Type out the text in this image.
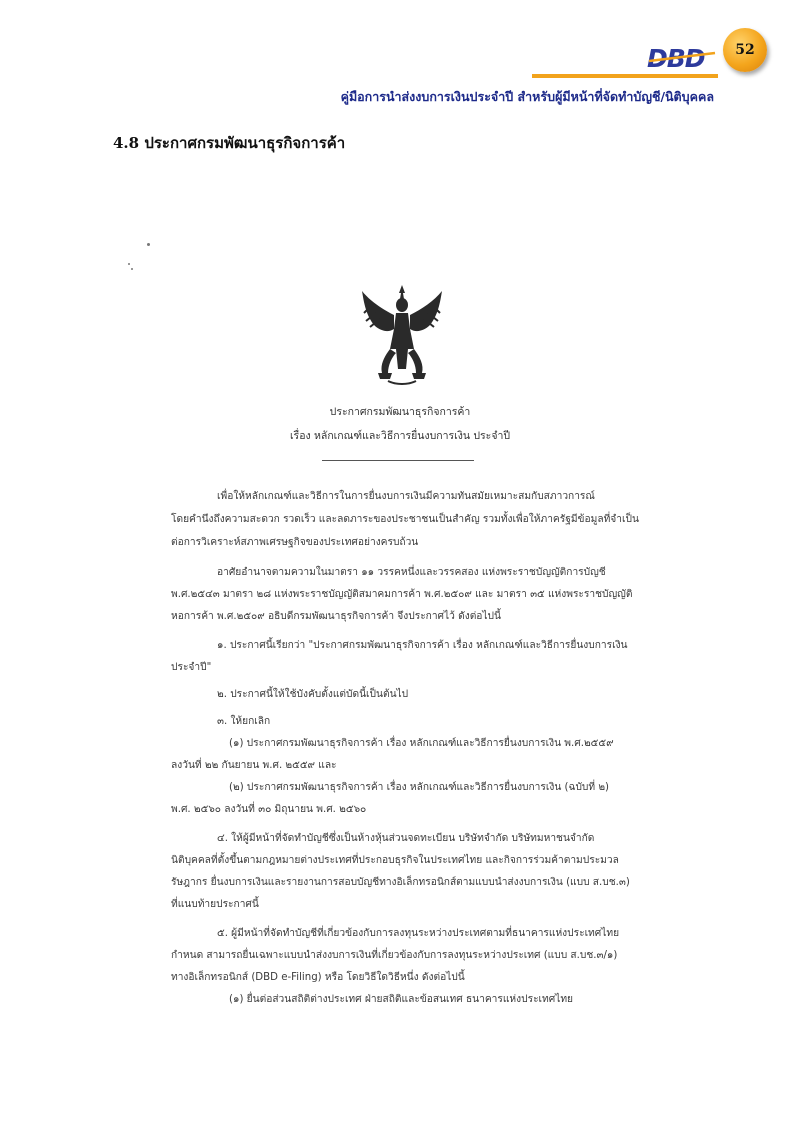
DBD	52
คู่มือการนำส่งงบการเงินประจำปี สำหรับผู้มีหน้าที่จัดทำบัญชี/นิติบุคคล
4.8 ประกาศกรมพัฒนาธุรกิจการค้า
ประกาศกรมพัฒนาธุรกิจการค้า
เรื่อง หลักเกณฑ์และวิธีการยื่นงบการเงิน ประจำปี
เพื่อให้หลักเกณฑ์และวิธีการในการยื่นงบการเงินมีความทันสมัยเหมาะสมกับสภาวการณ์
โดยคำนึงถึงความสะดวก รวดเร็ว และลดภาระของประชาชนเป็นสำคัญ รวมทั้งเพื่อให้ภาครัฐมีข้อมูลที่จำเป็น
ต่อการวิเคราะห์สภาพเศรษฐกิจของประเทศอย่างครบถ้วน
อาศัยอำนาจตามความในมาตรา ๑๑ วรรคหนึ่งและวรรคสอง แห่งพระราชบัญญัติการบัญชี
พ.ศ.๒๕๔๓ มาตรา ๒๘ แห่งพระราชบัญญัติสมาคมการค้า พ.ศ.๒๕๐๙ และ มาตรา ๓๕ แห่งพระราชบัญญัติ
หอการค้า พ.ศ.๒๕๐๙ อธิบดีกรมพัฒนาธุรกิจการค้า จึงประกาศไว้ ดังต่อไปนี้
๑. ประกาศนี้เรียกว่า "ประกาศกรมพัฒนาธุรกิจการค้า เรื่อง หลักเกณฑ์และวิธีการยื่นงบการเงิน
ประจำปี"
๒. ประกาศนี้ให้ใช้บังคับตั้งแต่บัดนี้เป็นต้นไป
๓. ให้ยกเลิก
(๑) ประกาศกรมพัฒนาธุรกิจการค้า เรื่อง หลักเกณฑ์และวิธีการยื่นงบการเงิน พ.ศ.๒๕๕๙
ลงวันที่ ๒๒ กันยายน พ.ศ. ๒๕๕๙ และ
(๒) ประกาศกรมพัฒนาธุรกิจการค้า เรื่อง หลักเกณฑ์และวิธีการยื่นงบการเงิน (ฉบับที่ ๒)
พ.ศ. ๒๕๖๐ ลงวันที่ ๓๐ มิถุนายน พ.ศ. ๒๕๖๐
๔. ให้ผู้มีหน้าที่จัดทำบัญชีซึ่งเป็นห้างหุ้นส่วนจดทะเบียน บริษัทจำกัด บริษัทมหาชนจำกัด
นิติบุคคลที่ตั้งขึ้นตามกฎหมายต่างประเทศที่ประกอบธุรกิจในประเทศไทย และกิจการร่วมค้าตามประมวล
รัษฎากร ยื่นงบการเงินและรายงานการสอบบัญชีทางอิเล็กทรอนิกส์ตามแบบนำส่งงบการเงิน (แบบ ส.บช.๓)
ที่แนบท้ายประกาศนี้
๕. ผู้มีหน้าที่จัดทำบัญชีที่เกี่ยวข้องกับการลงทุนระหว่างประเทศตามที่ธนาคารแห่งประเทศไทย
กำหนด สามารถยื่นเฉพาะแบบนำส่งงบการเงินที่เกี่ยวข้องกับการลงทุนระหว่างประเทศ (แบบ ส.บช.๓/๑)
ทางอิเล็กทรอนิกส์ (DBD e-Filing) หรือ โดยวิธีใดวิธีหนึ่ง ดังต่อไปนี้
(๑) ยื่นต่อส่วนสถิติต่างประเทศ ฝ่ายสถิติและข้อสนเทศ ธนาคารแห่งประเทศไทย
